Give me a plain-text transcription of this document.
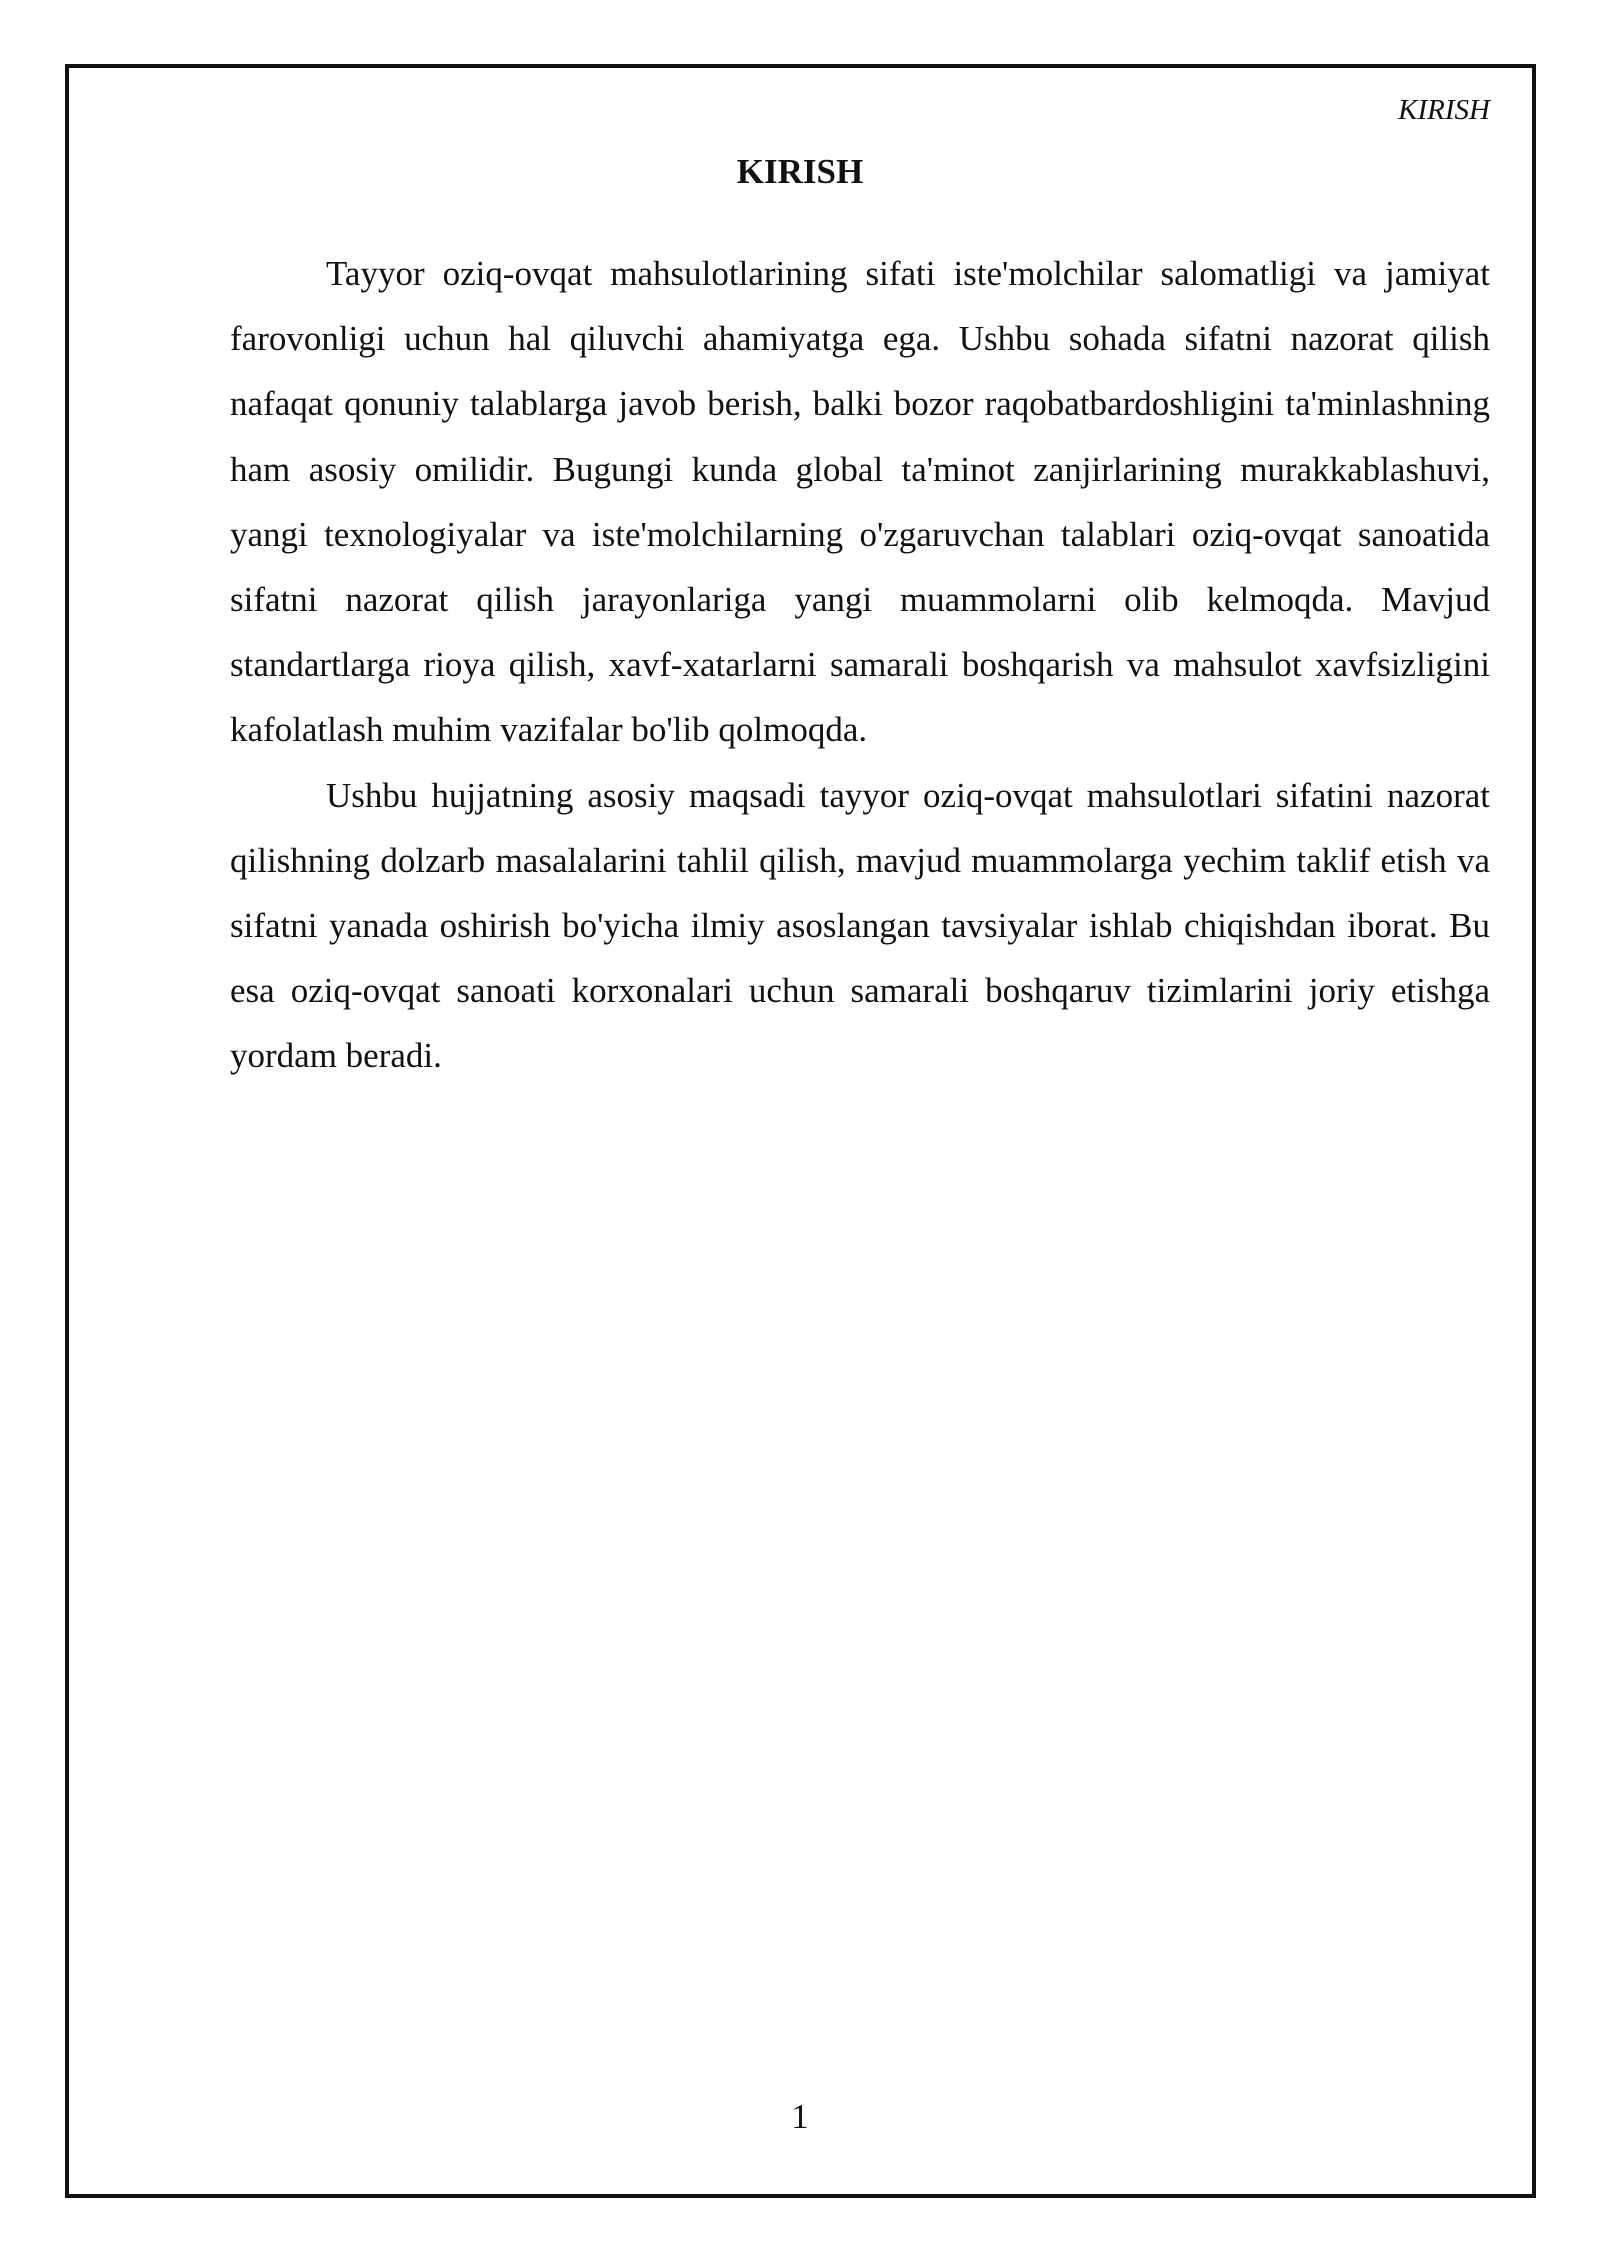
KIRISH
KIRISH

Tayyor oziq-ovqat mahsulotlarining sifati iste'molchilar salomatligi va jamiyat farovonligi uchun hal qiluvchi ahamiyatga ega. Ushbu sohada sifatni nazorat qilish nafaqat qonuniy talablarga javob berish, balki bozor raqobatbardoshligini ta'minlashning ham asosiy omilidir. Bugungi kunda global ta'minot zanjirlarining murakkablashuvi, yangi texnologiyalar va iste'molchilarning o'zgaruvchan talablari oziq-ovqat sanoatida sifatni nazorat qilish jarayonlariga yangi muammolarni olib kelmoqda. Mavjud standartlarga rioya qilish, xavf-xatarlarni samarali boshqarish va mahsulot xavfsizligini kafolatlash muhim vazifalar bo'lib qolmoqda.

Ushbu hujjatning asosiy maqsadi tayyor oziq-ovqat mahsulotlari sifatini nazorat qilishning dolzarb masalalarini tahlil qilish, mavjud muammolarga yechim taklif etish va sifatni yanada oshirish bo'yicha ilmiy asoslangan tavsiyalar ishlab chiqishdan iborat. Bu esa oziq-ovqat sanoati korxonalari uchun samarali boshqaruv tizimlarini joriy etishga yordam beradi.

1
